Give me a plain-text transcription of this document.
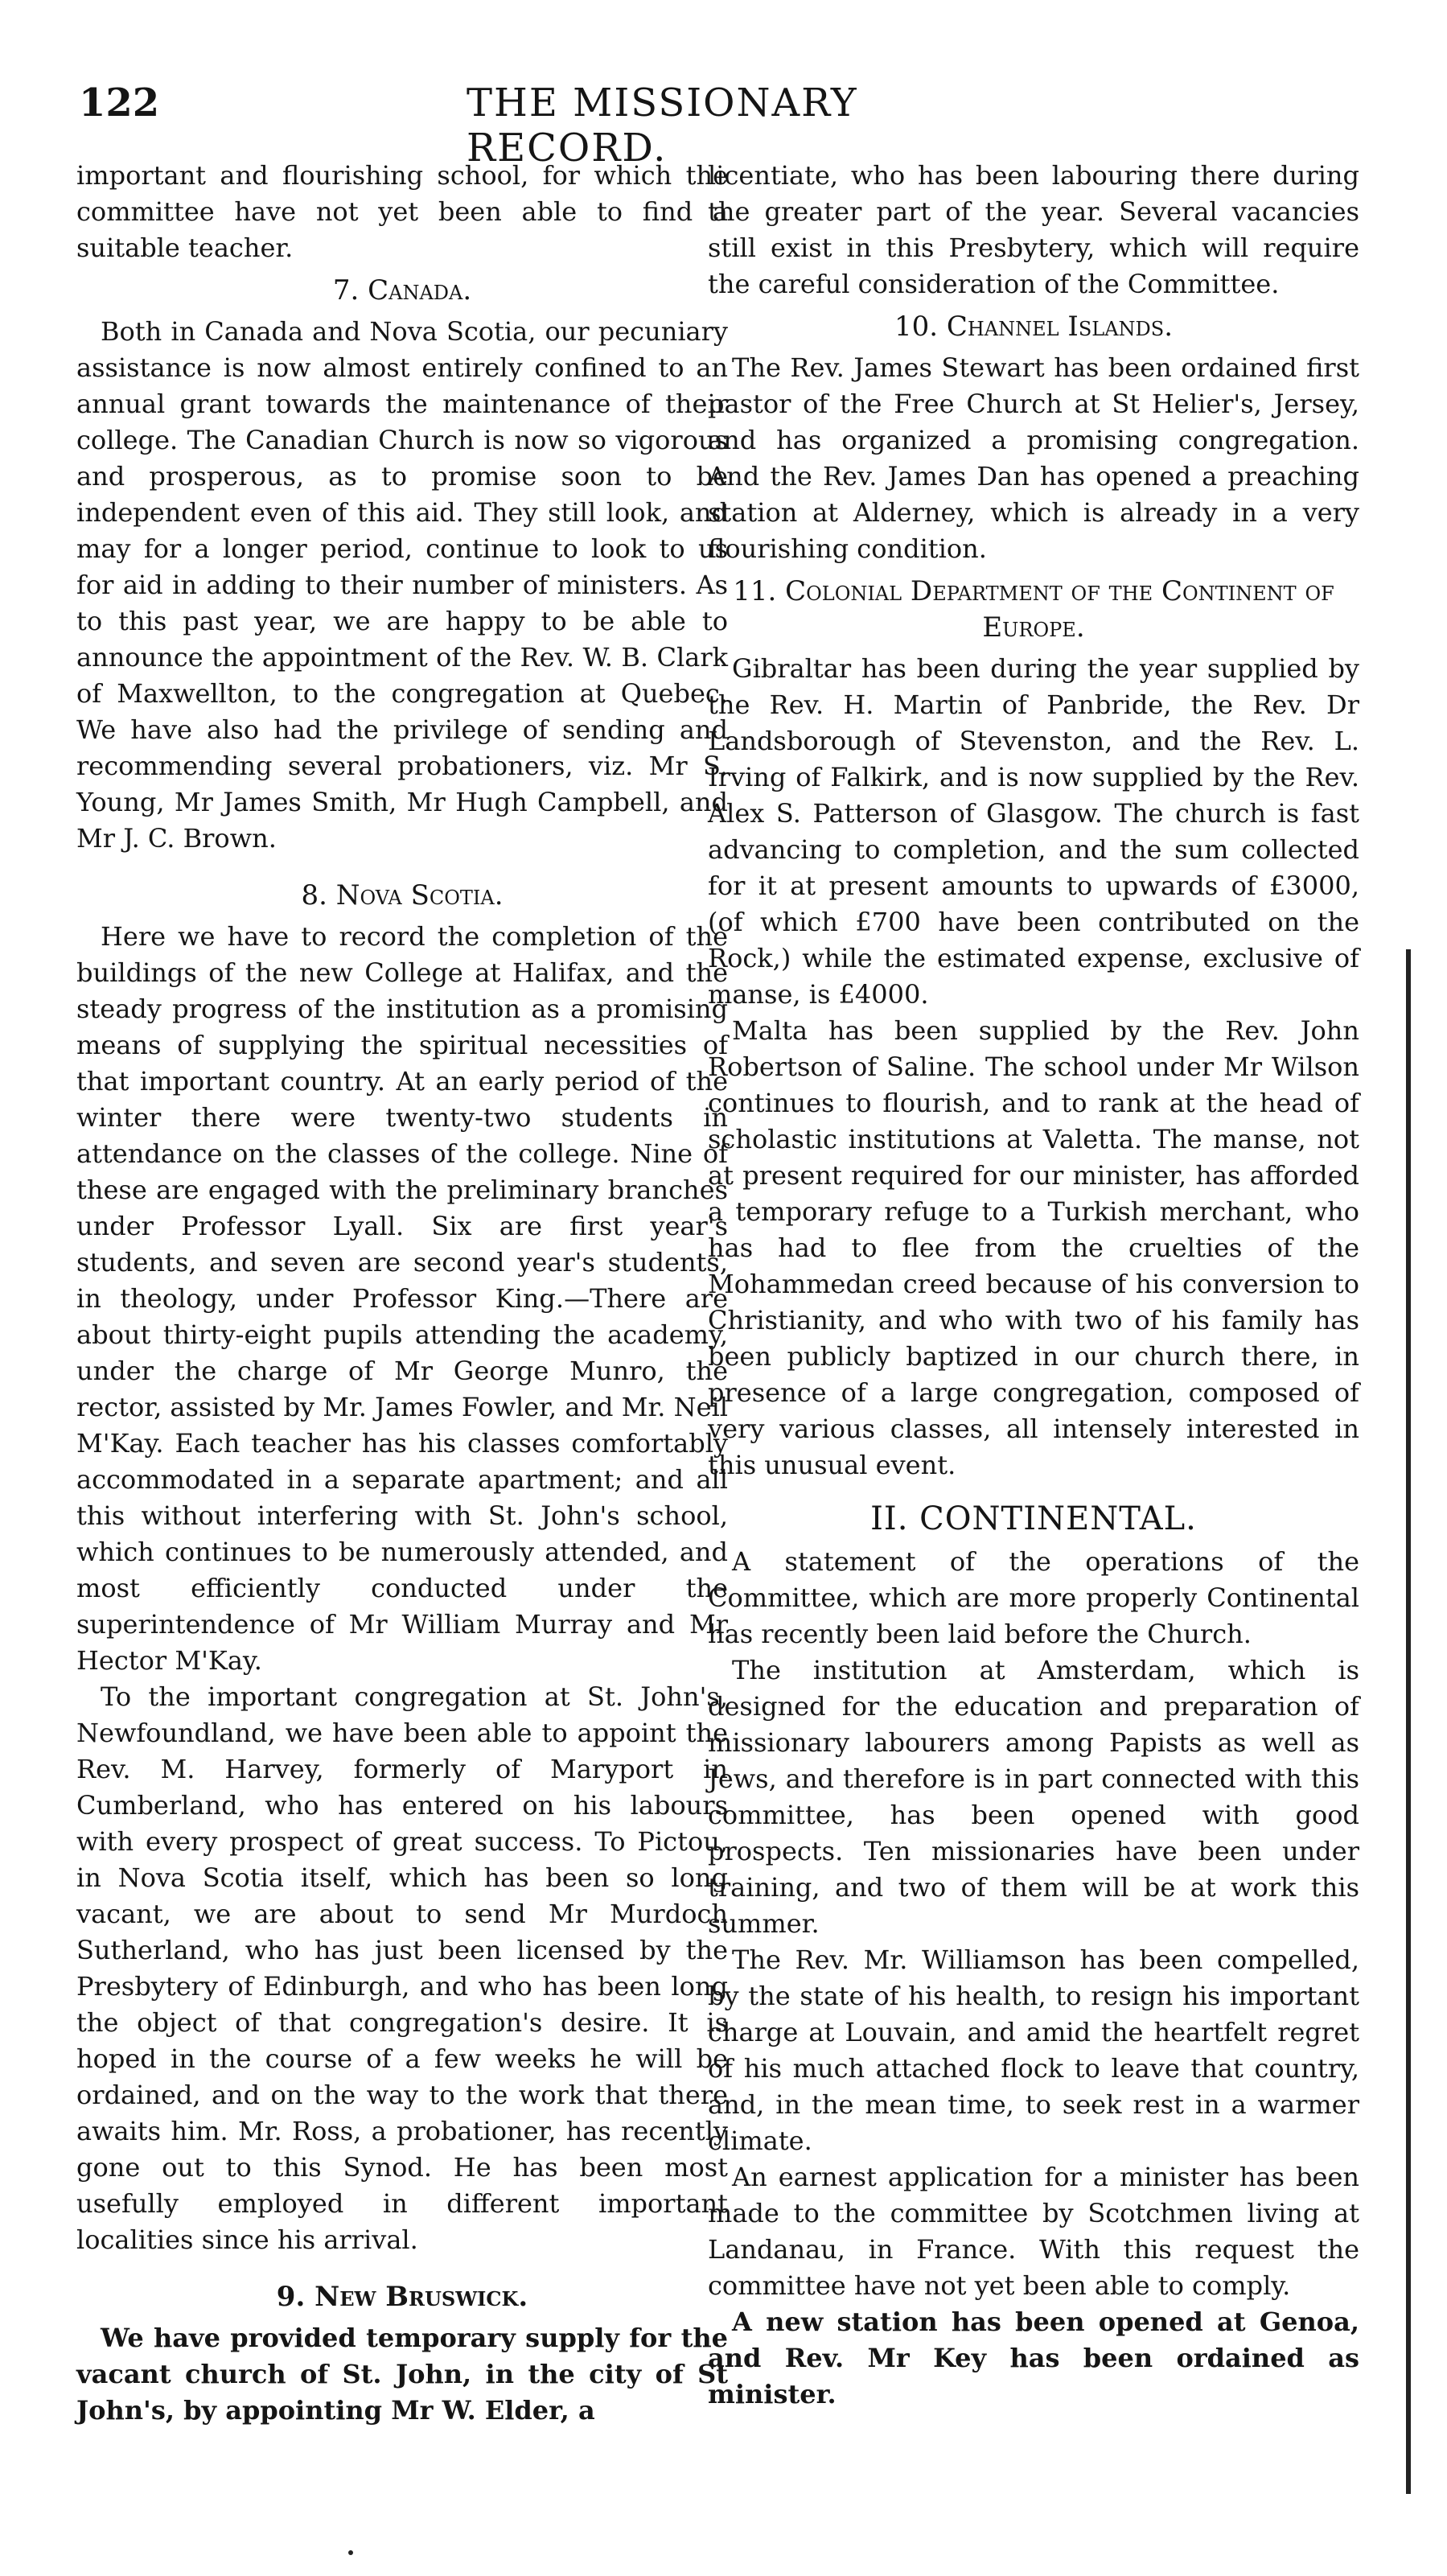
122	THE MISSIONARY RECORD.

important and flourishing school, for which the committee have not yet been able to find a suitable teacher.

7. Canada.

Both in Canada and Nova Scotia, our pecuniary assistance is now almost entirely confined to an annual grant towards the maintenance of their college. The Canadian Church is now so vigorous and prosperous, as to promise soon to be independent even of this aid. They still look, and may for a longer period, continue to look to us for aid in adding to their number of ministers. As to this past year, we are happy to be able to announce the appointment of the Rev. W. B. Clark of Maxwellton, to the congregation at Quebec. We have also had the privilege of sending and recommending several probationers, viz. Mr S. Young, Mr James Smith, Mr Hugh Campbell, and Mr J. C. Brown.

8. Nova Scotia.

Here we have to record the completion of the buildings of the new College at Halifax, and the steady progress of the institution as a promising means of supplying the spiritual necessities of that important country. At an early period of the winter there were twenty-two students in attendance on the classes of the college. Nine of these are engaged with the preliminary branches under Professor Lyall. Six are first year's students, and seven are second year's students, in theology, under Professor King.—There are about thirty-eight pupils attending the academy, under the charge of Mr George Munro, the rector, assisted by Mr. James Fowler, and Mr. Neil M'Kay. Each teacher has his classes comfortably accommodated in a separate apartment; and all this without interfering with St. John's school, which continues to be numerously attended, and most efficiently conducted under the superintendence of Mr William Murray and Mr Hector M'Kay.

To the important congregation at St. John's, Newfoundland, we have been able to appoint the Rev. M. Harvey, formerly of Maryport in Cumberland, who has entered on his labours with every prospect of great success. To Pictou, in Nova Scotia itself, which has been so long vacant, we are about to send Mr Murdoch Sutherland, who has just been licensed by the Presbytery of Edinburgh, and who has been long the object of that congregation's desire. It is hoped in the course of a few weeks he will be ordained, and on the way to the work that there awaits him. Mr. Ross, a probationer, has recently gone out to this Synod. He has been most usefully employed in different important localities since his arrival.

9. New Bruswick.

We have provided temporary supply for the vacant church of St. John, in the city of St John's, by appointing Mr W. Elder, a

licentiate, who has been labouring there during the greater part of the year. Several vacancies still exist in this Presbytery, which will require the careful consideration of the Committee.

10. Channel Islands.

The Rev. James Stewart has been ordained first pastor of the Free Church at St Helier's, Jersey, and has organized a promising congregation. And the Rev. James Dan has opened a preaching station at Alderney, which is already in a very flourishing condition.

11. Colonial Department of the Continent of Europe.

Gibraltar has been during the year supplied by the Rev. H. Martin of Panbride, the Rev. Dr Landsborough of Stevenston, and the Rev. L. Irving of Falkirk, and is now supplied by the Rev. Alex S. Patterson of Glasgow. The church is fast advancing to completion, and the sum collected for it at present amounts to upwards of £3000, (of which £700 have been contributed on the Rock,) while the estimated expense, exclusive of manse, is £4000.

Malta has been supplied by the Rev. John Robertson of Saline. The school under Mr Wilson continues to flourish, and to rank at the head of scholastic institutions at Valetta. The manse, not at present required for our minister, has afforded a temporary refuge to a Turkish merchant, who has had to flee from the cruelties of the Mohammedan creed because of his conversion to Christianity, and who with two of his family has been publicly baptized in our church there, in presence of a large congregation, composed of very various classes, all intensely interested in this unusual event.

II. CONTINENTAL.

A statement of the operations of the Committee, which are more properly Continental has recently been laid before the Church.

The institution at Amsterdam, which is designed for the education and preparation of missionary labourers among Papists as well as Jews, and therefore is in part connected with this committee, has been opened with good prospects. Ten missionaries have been under training, and two of them will be at work this summer.

The Rev. Mr. Williamson has been compelled, by the state of his health, to resign his important charge at Louvain, and amid the heartfelt regret of his much attached flock to leave that country, and, in the mean time, to seek rest in a warmer climate.

An earnest application for a minister has been made to the committee by Scotchmen living at Landanau, in France. With this request the committee have not yet been able to comply.

A new station has been opened at Genoa, and Rev. Mr Key has been ordained as minister.
